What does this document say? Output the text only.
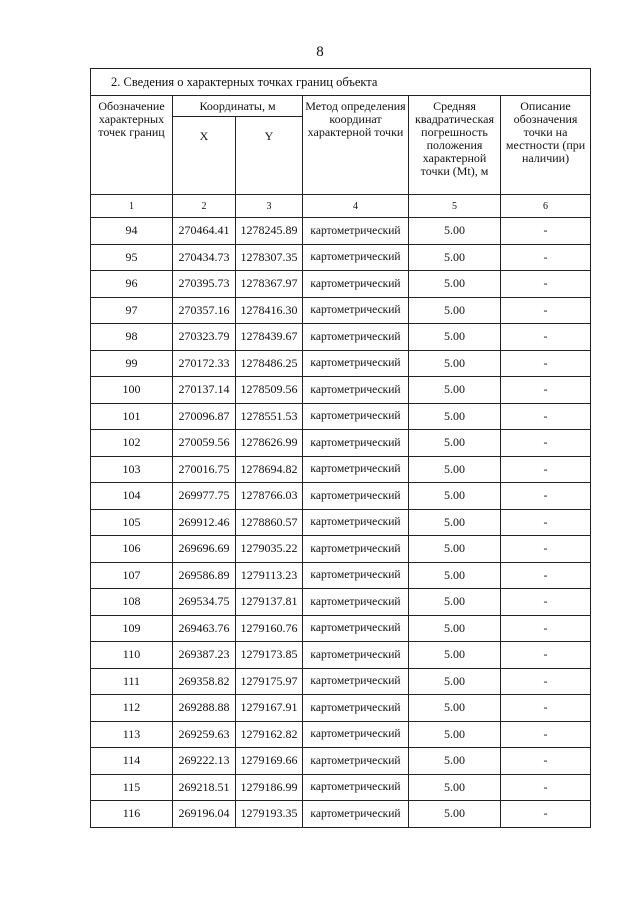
8
2. Сведения о характерных точках границ объекта					
Обозначение характерных точек границ	Координаты, м		Метод определения координат характерной точки	Средняя квадратическая погрешность положения характерной точки (Mt), м	Описание обозначения точки на местности (при наличии)
	X	Y			
1	2	3	4	5	6
94	270464.41	1278245.89	картометрический	5.00	-
95	270434.73	1278307.35	картометрический	5.00	-
96	270395.73	1278367.97	картометрический	5.00	-
97	270357.16	1278416.30	картометрический	5.00	-
98	270323.79	1278439.67	картометрический	5.00	-
99	270172.33	1278486.25	картометрический	5.00	-
100	270137.14	1278509.56	картометрический	5.00	-
101	270096.87	1278551.53	картометрический	5.00	-
102	270059.56	1278626.99	картометрический	5.00	-
103	270016.75	1278694.82	картометрический	5.00	-
104	269977.75	1278766.03	картометрический	5.00	-
105	269912.46	1278860.57	картометрический	5.00	-
106	269696.69	1279035.22	картометрический	5.00	-
107	269586.89	1279113.23	картометрический	5.00	-
108	269534.75	1279137.81	картометрический	5.00	-
109	269463.76	1279160.76	картометрический	5.00	-
110	269387.23	1279173.85	картометрический	5.00	-
111	269358.82	1279175.97	картометрический	5.00	-
112	269288.88	1279167.91	картометрический	5.00	-
113	269259.63	1279162.82	картометрический	5.00	-
114	269222.13	1279169.66	картометрический	5.00	-
115	269218.51	1279186.99	картометрический	5.00	-
116	269196.04	1279193.35	картометрический	5.00	-
